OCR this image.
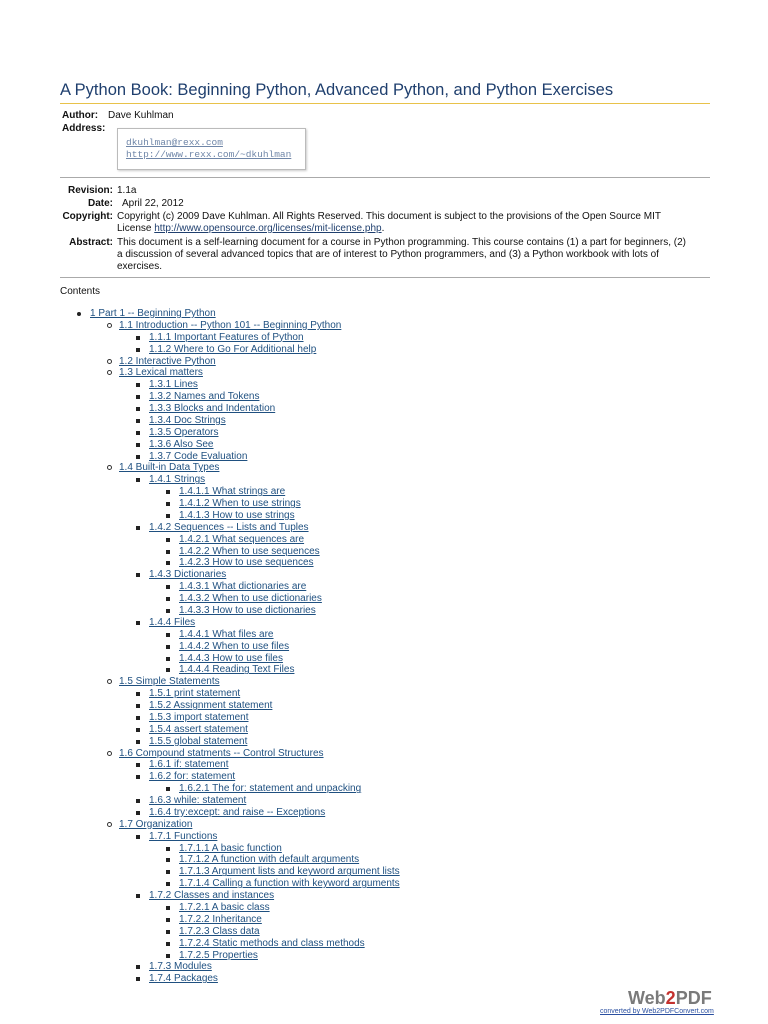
A Python Book: Beginning Python, Advanced Python, and Python Exercises
Author: Dave Kuhlman
Address:
dkuhlman@rexx.com
http://www.rexx.com/~dkuhlman
Revision: 1.1a
Date: April 22, 2012
Copyright: Copyright (c) 2009 Dave Kuhlman. All Rights Reserved. This document is subject to the provisions of the Open Source MIT
License http://www.opensource.org/licenses/mit-license.php.
Abstract: This document is a self-learning document for a course in Python programming. This course contains (1) a part for beginners, (2)
a discussion of several advanced topics that are of interest to Python programmers, and (3) a Python workbook with lots of
exercises.
Contents
1 Part 1 -- Beginning Python
1.1 Introduction -- Python 101 -- Beginning Python
1.1.1 Important Features of Python
1.1.2 Where to Go For Additional help
1.2 Interactive Python
1.3 Lexical matters
1.3.1 Lines
1.3.2 Names and Tokens
1.3.3 Blocks and Indentation
1.3.4 Doc Strings
1.3.5 Operators
1.3.6 Also See
1.3.7 Code Evaluation
1.4 Built-in Data Types
1.4.1 Strings
1.4.1.1 What strings are
1.4.1.2 When to use strings
1.4.1.3 How to use strings
1.4.2 Sequences -- Lists and Tuples
1.4.2.1 What sequences are
1.4.2.2 When to use sequences
1.4.2.3 How to use sequences
1.4.3 Dictionaries
1.4.3.1 What dictionaries are
1.4.3.2 When to use dictionaries
1.4.3.3 How to use dictionaries
1.4.4 Files
1.4.4.1 What files are
1.4.4.2 When to use files
1.4.4.3 How to use files
1.4.4.4 Reading Text Files
1.5 Simple Statements
1.5.1 print statement
1.5.2 Assignment statement
1.5.3 import statement
1.5.4 assert statement
1.5.5 global statement
1.6 Compound statments -- Control Structures
1.6.1 if: statement
1.6.2 for: statement
1.6.2.1 The for: statement and unpacking
1.6.3 while: statement
1.6.4 try:except: and raise -- Exceptions
1.7 Organization
1.7.1 Functions
1.7.1.1 A basic function
1.7.1.2 A function with default arguments
1.7.1.3 Argument lists and keyword argument lists
1.7.1.4 Calling a function with keyword arguments
1.7.2 Classes and instances
1.7.2.1 A basic class
1.7.2.2 Inheritance
1.7.2.3 Class data
1.7.2.4 Static methods and class methods
1.7.2.5 Properties
1.7.3 Modules
1.7.4 Packages
Web2PDF
converted by Web2PDFConvert.com
